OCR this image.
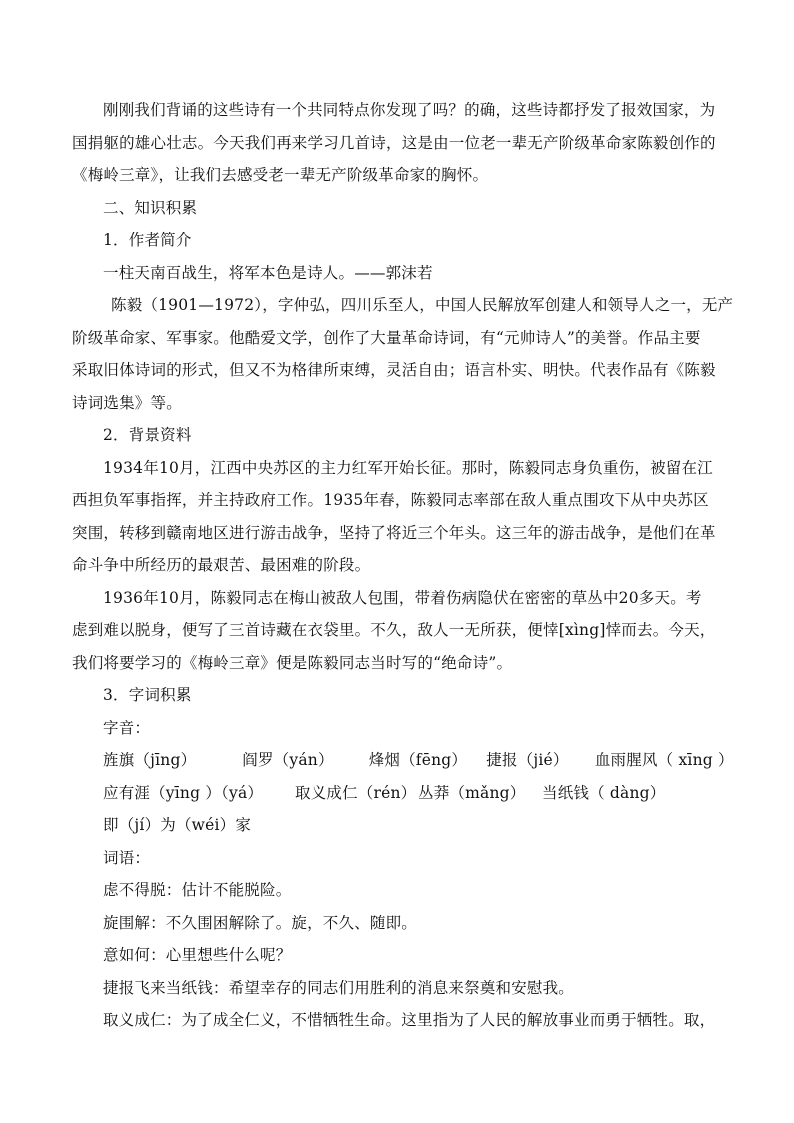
刚刚我们背诵的这些诗有一个共同特点你发现了吗？的确，这些诗都抒发了报效国家，为

国捐躯的雄心壮志。今天我们再来学习几首诗，这是由一位老一辈无产阶级革命家陈毅创作的

《梅岭三章》，让我们去感受老一辈无产阶级革命家的胸怀。

二、知识积累

1．作者简介

一柱天南百战生，将军本色是诗人。——郭沫若

陈毅（1901—1972），字仲弘，四川乐至人，中国人民解放军创建人和领导人之一，无产

阶级革命家、军事家。他酷爱文学，创作了大量革命诗词，有“元帅诗人”的美誉。作品主要

采取旧体诗词的形式，但又不为格律所束缚，灵活自由；语言朴实、明快。代表作品有《陈毅

诗词选集》等。

2．背景资料

1934年10月，江西中央苏区的主力红军开始长征。那时，陈毅同志身负重伤，被留在江

西担负军事指挥，并主持政府工作。1935年春，陈毅同志率部在敌人重点围攻下从中央苏区

突围，转移到赣南地区进行游击战争，坚持了将近三个年头。这三年的游击战争，是他们在革

命斗争中所经历的最艰苦、最困难的阶段。

1936年10月，陈毅同志在梅山被敌人包围，带着伤病隐伏在密密的草丛中20多天。考

虑到难以脱身，便写了三首诗藏在衣袋里。不久，敌人一无所获，便悻[xìng]悻而去。今天，

我们将要学习的《梅岭三章》便是陈毅同志当时写的“绝命诗”。

3．字词积累

字音：

旌旗（jīng）	阎罗（yán）	烽烟（fēng）	捷报（jié）	血雨腥风（ xīng ）
应有涯（yīng ）（yá）	取义成仁（rén） 丛莽（mǎng）	当纸钱（ dàng）
即（jí）为（wéi）家

词语：

虑不得脱：估计不能脱险。

旋围解：不久围困解除了。旋，不久、随即。

意如何：心里想些什么呢？

捷报飞来当纸钱：希望幸存的同志们用胜利的消息来祭奠和安慰我。

取义成仁：为了成全仁义，不惜牺牲生命。这里指为了人民的解放事业而勇于牺牲。取，
